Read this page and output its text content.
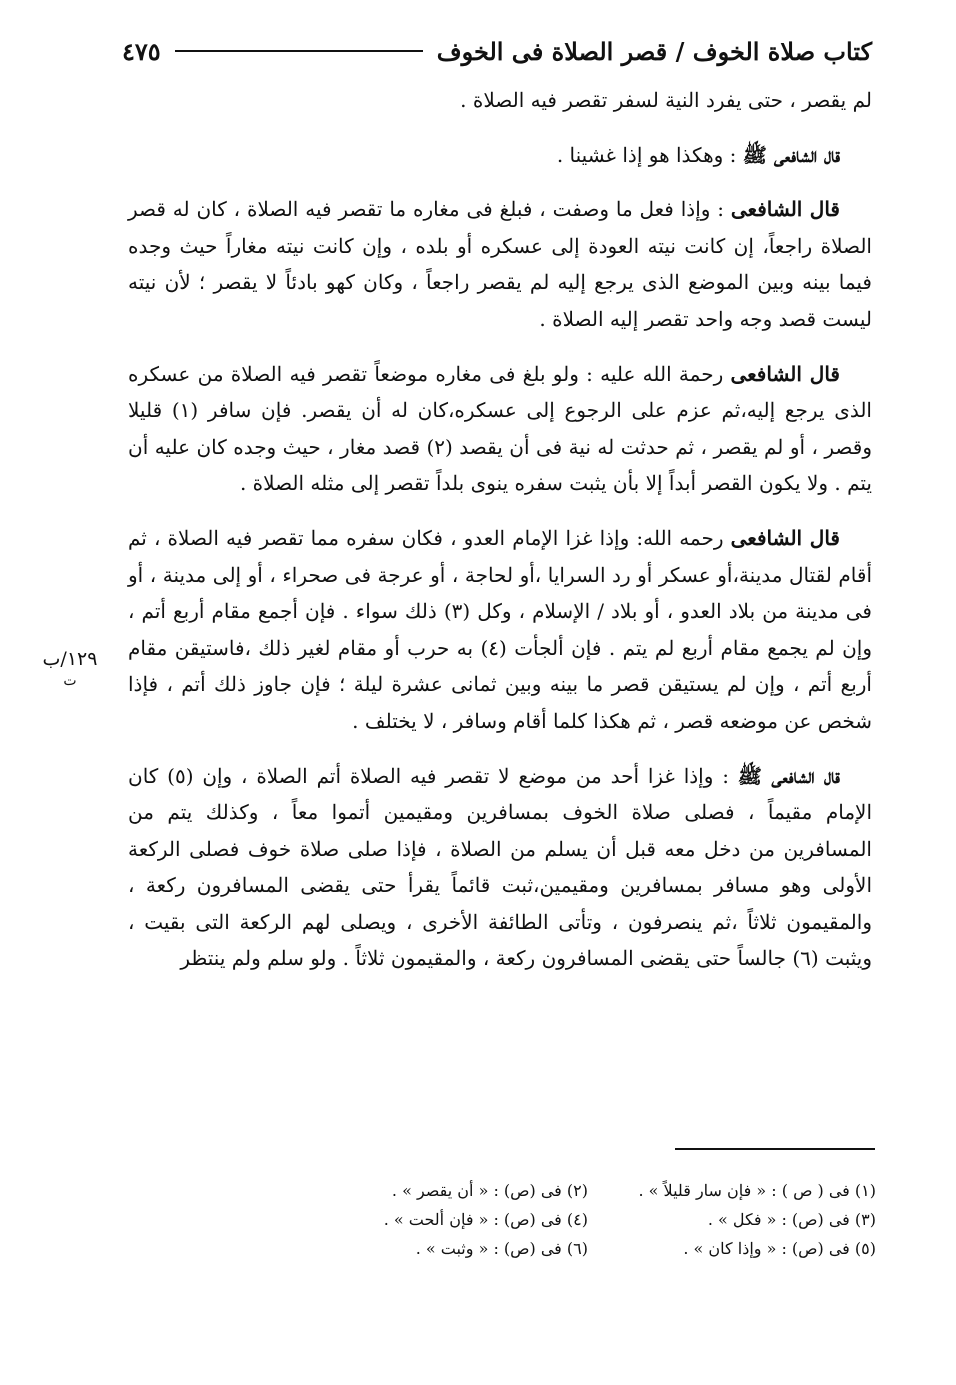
كتاب صلاة الخوف / قصر الصلاة فى الخوف
٤٧٥
١٢٩/ب
ت

لم يقصر ، حتى يفرد النية لسفر تقصر فيه الصلاة .

قال الشافعى ﷺ : وهكذا هو إذا غشينا .

قال الشافعى : وإذا فعل ما وصفت ، فبلغ فى مغاره ما تقصر فيه الصلاة ، كان له قصر الصلاة راجعاً، إن كانت نيته العودة إلى عسكره أو بلده ، وإن كانت نيته مغاراً حيث وجده فيما بينه وبين الموضع الذى يرجع إليه لم يقصر راجعاً ، وكان كهو بادئاً لا يقصر ؛ لأن نيته ليست قصد وجه واحد تقصر إليه الصلاة .

قال الشافعى رحمة الله عليه : ولو بلغ فى مغاره موضعاً تقصر فيه الصلاة من عسكره الذى يرجع إليه،ثم عزم على الرجوع إلى عسكره،كان له أن يقصر. فإن سافر (١) قليلا وقصر ، أو لم يقصر ، ثم حدثت له نية فى أن يقصد (٢) قصد مغار ، حيث وجده كان عليه أن يتم . ولا يكون القصر أبداً إلا بأن يثبت سفره ينوى بلداً تقصر إلى مثله الصلاة .

قال الشافعى رحمه الله: وإذا غزا الإمام العدو ، فكان سفره مما تقصر فيه الصلاة ، ثم أقام لقتال مدينة،أو عسكر أو رد السرايا ،أو لحاجة ، أو عرجة فى صحراء ، أو إلى مدينة ، أو فى مدينة من بلاد العدو ، أو بلاد / الإسلام ، وكل (٣) ذلك سواء . فإن أجمع مقام أربع أتم ، وإن لم يجمع مقام أربع لم يتم . فإن ألجأت (٤) به حرب أو مقام لغير ذلك ،فاستيقن مقام أربع أتم ، وإن لم يستيقن قصر ما بينه وبين ثمانى عشرة ليلة ؛ فإن جاوز ذلك أتم ، فإذا شخص عن موضعه قصر ، ثم هكذا كلما أقام وسافر ، لا يختلف .

قال الشافعى ﷺ : وإذا غزا أحد من موضع لا تقصر فيه الصلاة أتم الصلاة ، وإن (٥) كان الإمام مقيماً ، فصلى صلاة الخوف بمسافرين ومقيمين أتموا معاً ، وكذلك يتم من المسافرين من دخل معه قبل أن يسلم من الصلاة ، فإذا صلى صلاة خوف فصلى الركعة الأولى وهو مسافر بمسافرين ومقيمين،ثبت قائماً يقرأ حتى يقضى المسافرون ركعة ، والمقيمون ثلاثاً ،ثم ينصرفون ، وتأتى الطائفة الأخرى ، ويصلى لهم الركعة التى بقيت ، ويثبت (٦) جالساً حتى يقضى المسافرون ركعة ، والمقيمون ثلاثاً . ولو سلم ولم ينتظر

(١) فى ( ص ) : « فإن سار قليلاً » .
(٢) فى (ص) : « أن يقصر » .
(٣) فى (ص) : « فكل » .
(٤) فى (ص) : « فإن ألحت » .
(٥) فى (ص) : « وإذا كان » .
(٦) فى (ص) : « وثبت » .
